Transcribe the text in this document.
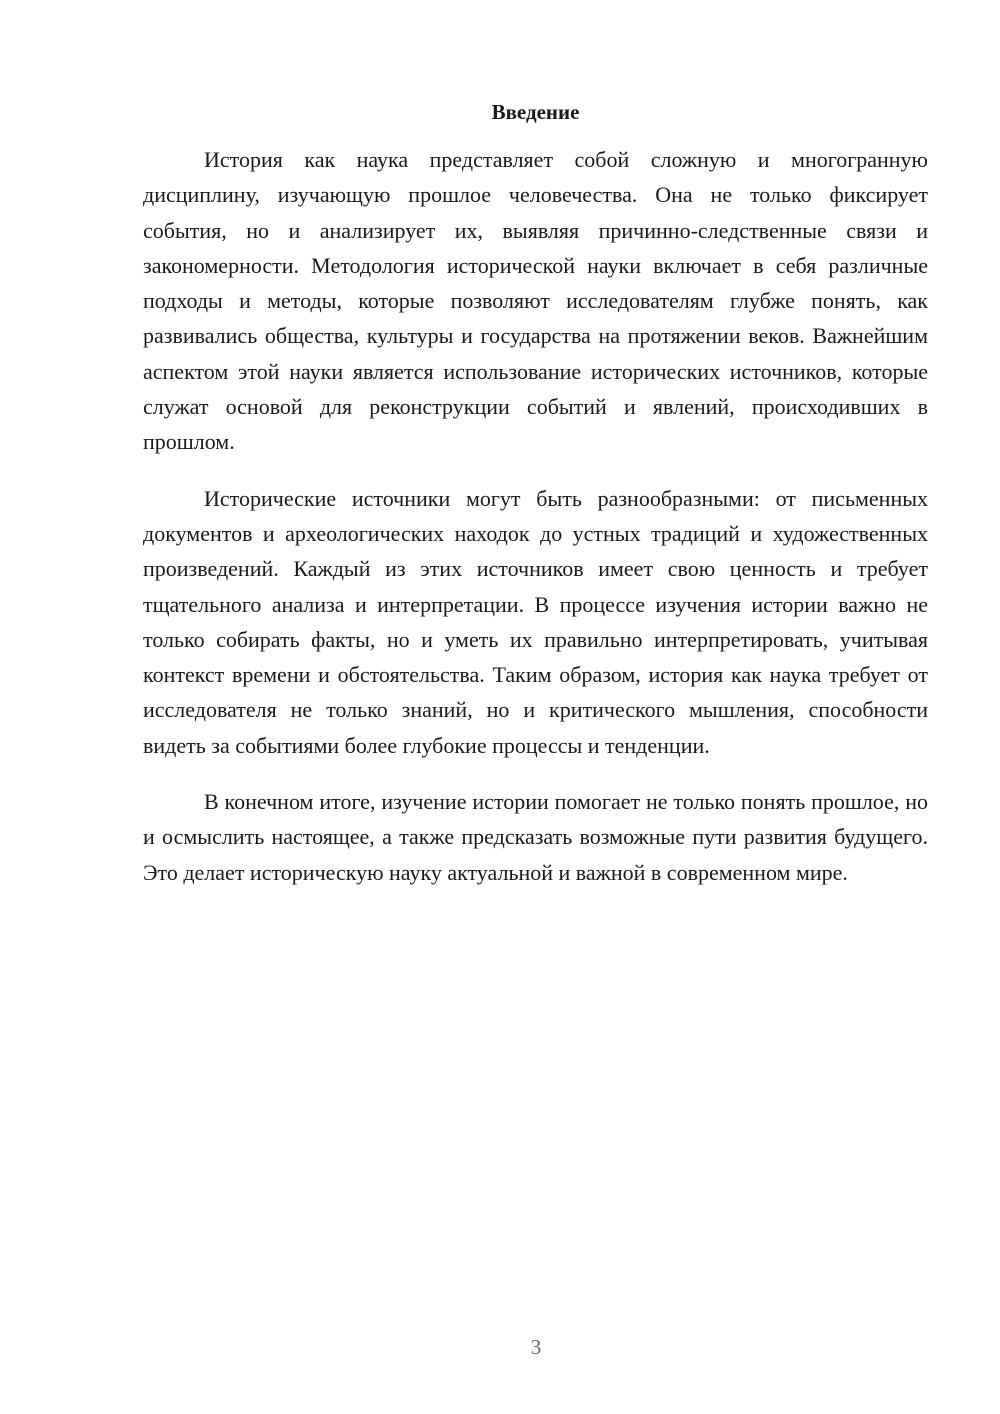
Введение

История как наука представляет собой сложную и многогранную дисциплину, изучающую прошлое человечества. Она не только фиксирует события, но и анализирует их, выявляя причинно-следственные связи и закономерности. Методология исторической науки включает в себя различные подходы и методы, которые позволяют исследователям глубже понять, как развивались общества, культуры и государства на протяжении веков. Важнейшим аспектом этой науки является использование исторических источников, которые служат основой для реконструкции событий и явлений, происходивших в прошлом.

Исторические источники могут быть разнообразными: от письменных документов и археологических находок до устных традиций и художественных произведений. Каждый из этих источников имеет свою ценность и требует тщательного анализа и интерпретации. В процессе изучения истории важно не только собирать факты, но и уметь их правильно интерпретировать, учитывая контекст времени и обстоятельства. Таким образом, история как наука требует от исследователя не только знаний, но и критического мышления, способности видеть за событиями более глубокие процессы и тенденции.

В конечном итоге, изучение истории помогает не только понять прошлое, но и осмыслить настоящее, а также предсказать возможные пути развития будущего. Это делает историческую науку актуальной и важной в современном мире.

3
